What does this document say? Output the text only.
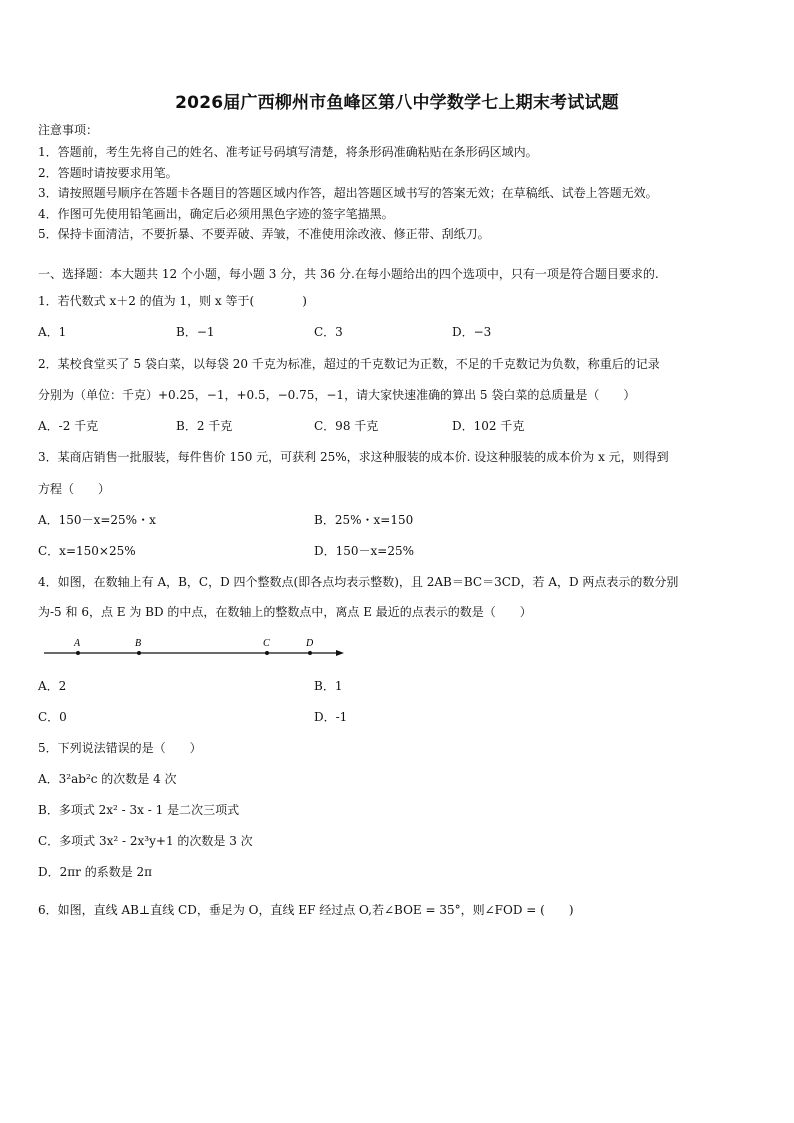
2026届广西柳州市鱼峰区第八中学数学七上期末考试试题
注意事项：
1．答题前，考生先将自己的姓名、准考证号码填写清楚，将条形码准确粘贴在条形码区域内。
2．答题时请按要求用笔。
3．请按照题号顺序在答题卡各题目的答题区域内作答，超出答题区域书写的答案无效；在草稿纸、试卷上答题无效。
4．作图可先使用铅笔画出，确定后必须用黑色字迹的签字笔描黑。
5．保持卡面清洁，不要折暴、不要弄破、弄皱，不准使用涂改液、修正带、刮纸刀。
一、选择题：本大题共 12 个小题，每小题 3 分，共 36 分.在每小题给出的四个选项中，只有一项是符合题目要求的.
1．若代数式 x＋2 的值为 1，则 x 等于(　　　　)
A．1	B．−1	C．3	D．−3
2．某校食堂买了 5 袋白菜，以每袋 20 千克为标准，超过的千克数记为正数，不足的千克数记为负数，称重后的记录
分别为（单位：千克）+0.25，−1，+0.5，−0.75，−1，请大家快速准确的算出 5 袋白菜的总质量是（　　）
A．-2 千克	B．2 千克	C．98 千克	D．102 千克
3．某商店销售一批服装，每件售价 150 元，可获利 25%，求这种服装的成本价. 设这种服装的成本价为 x 元，则得到
方程（　　）
A．150－x=25%・x	B．25%・x=150
C．x=150×25%	D．150－x=25%
4．如图，在数轴上有 A，B，C，D 四个整数点(即各点均表示整数)，且 2AB＝BC＝3CD，若 A，D 两点表示的数分别
为-5 和 6，点 E 为 BD 的中点，在数轴上的整数点中，离点 E 最近的点表示的数是（　　）
A	B	C	D
A．2	B．1
C．0	D．-1
5．下列说法错误的是（　　）
A．3²ab²c 的次数是 4 次
B．多项式 2x² - 3x - 1 是二次三项式
C．多项式 3x² - 2x³y+1 的次数是 3 次
D．2πr 的系数是 2π
6．如图，直线 AB⊥直线 CD，垂足为 O，直线 EF 经过点 O,若∠BOE = 35°，则∠FOD = (　　)
